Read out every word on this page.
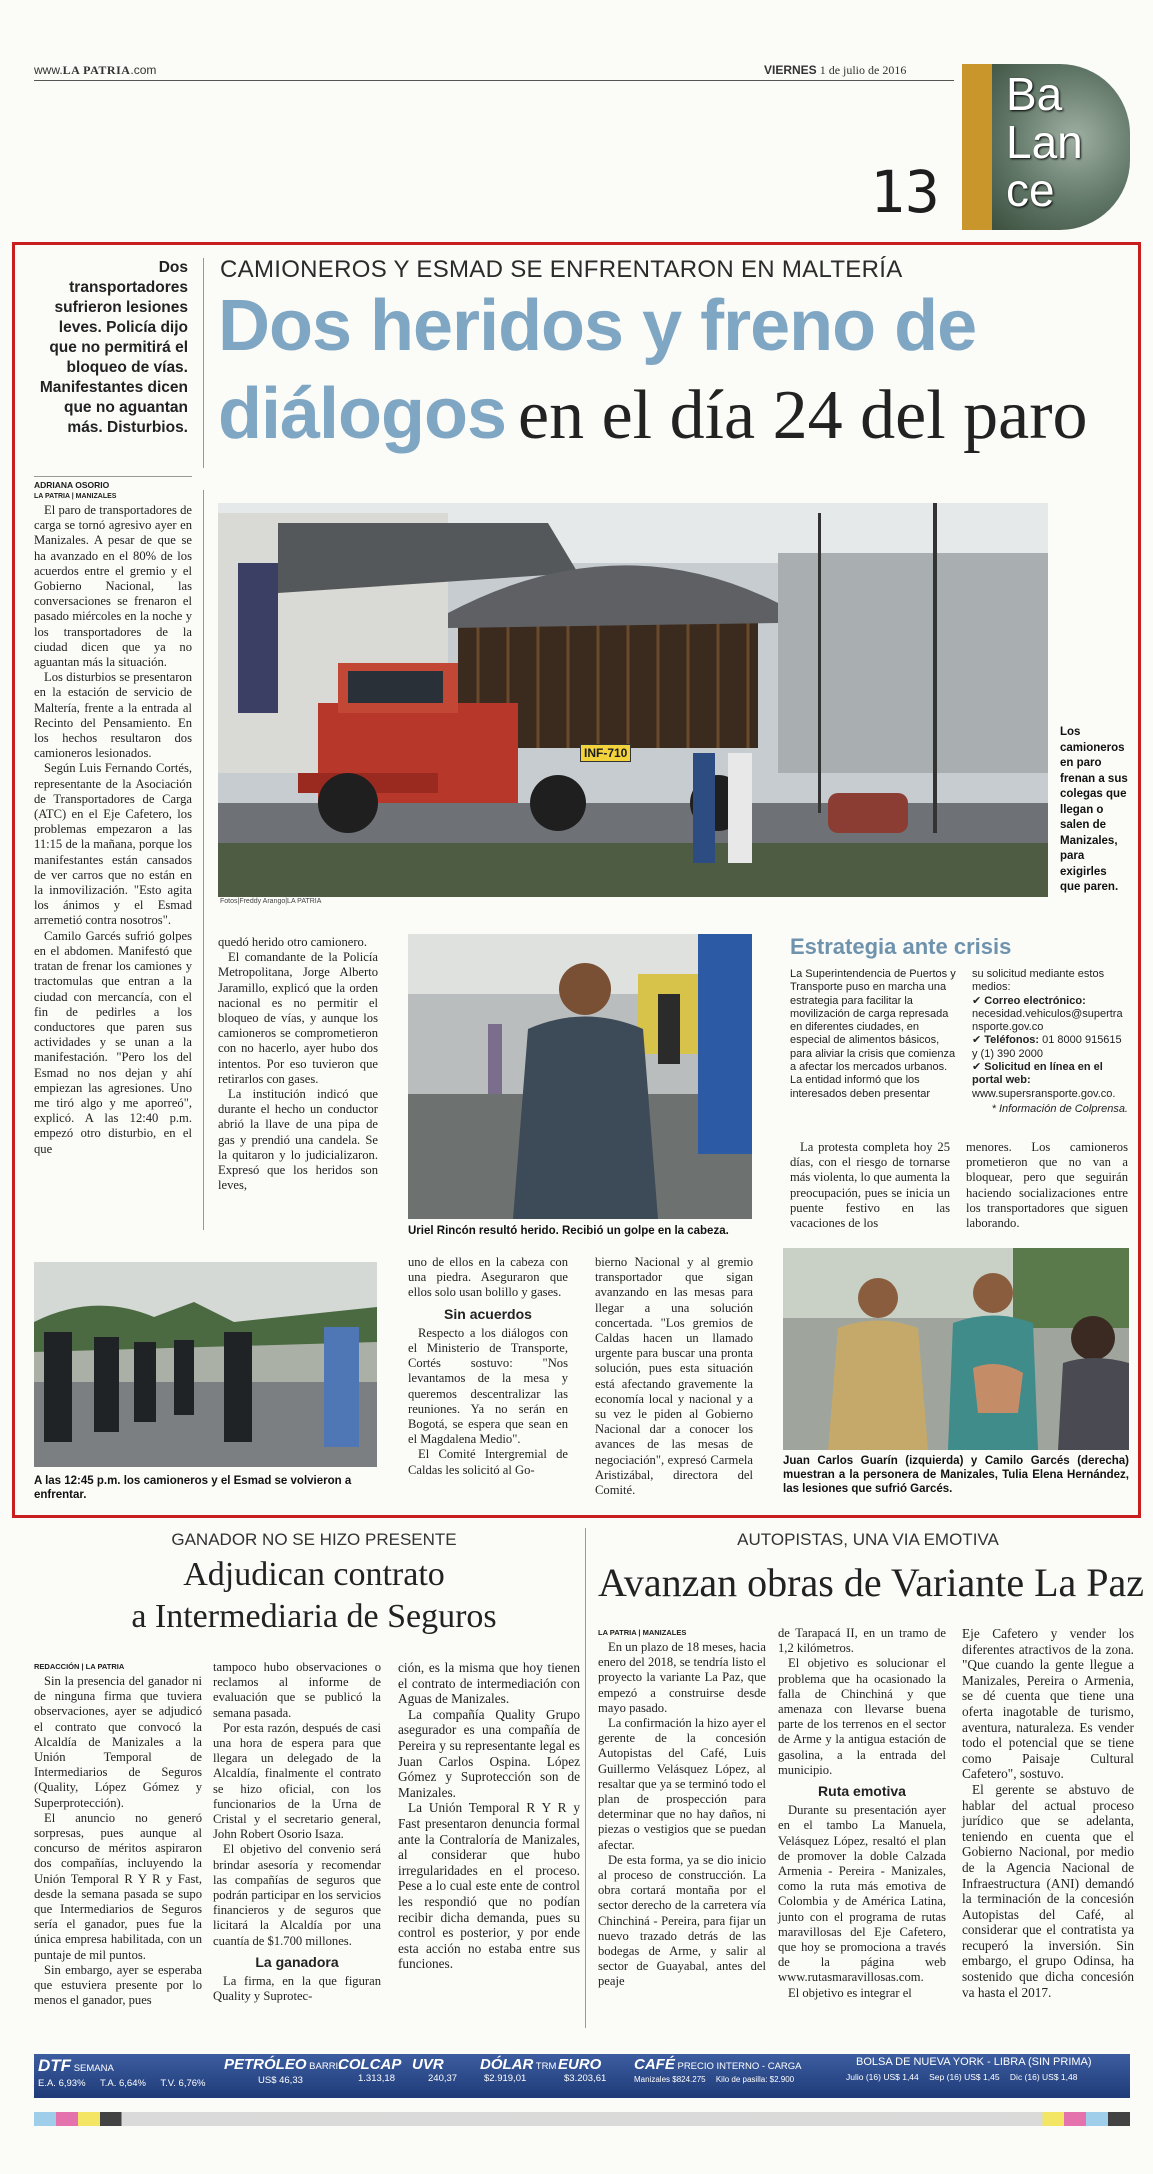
www.LA PATRIA.com	VIERNES 1 de julio de 2016
13
Ba
Lan
ce
Dos transportadores sufrieron lesiones leves. Policía dijo que no permitirá el bloqueo de vías. Manifestantes dicen que no aguantan más. Disturbios.
ADRIANA OSORIO
LA PATRIA | MANIZALES
CAMIONEROS Y ESMAD SE ENFRENTARON EN MALTERÍA
Dos heridos y freno de
diálogos en el día 24 del paro

El paro de transportadores de carga se tornó agresivo ayer en Manizales. A pesar de que se ha avanzado en el 80% de los acuerdos entre el gremio y el Gobierno Nacional, las conversaciones se frenaron el pasado miércoles en la noche y los transportadores de la ciudad dicen que ya no aguantan más la situación.

Los disturbios se presentaron en la estación de servicio de Maltería, frente a la entrada al Recinto del Pensamiento. En los hechos resultaron dos camioneros lesionados.

Según Luis Fernando Cortés, representante de la Asociación de Transportadores de Carga (ATC) en el Eje Cafetero, los problemas empezaron a las 11:15 de la mañana, porque los manifestantes están cansados de ver carros que no están en la inmovilización. "Esto agita los ánimos y el Esmad arremetió contra nosotros".

Camilo Garcés sufrió golpes en el abdomen. Manifestó que tratan de frenar los camiones y tractomulas que entran a la ciudad con mercancía, con el fin de pedirles a los conductores que paren sus actividades y se unan a la manifestación. "Pero los del Esmad no nos dejan y ahí empiezan las agresiones. Uno me tiró algo y me aporreó", explicó. A las 12:40 p.m. empezó otro disturbio, en el que

INF-710
Fotos|Freddy Arango|LA PATRIA
Los camioneros en paro frenan a sus colegas que llegan o salen de Manizales, para exigirles que paren.

quedó herido otro camionero.

El comandante de la Policía Metropolitana, Jorge Alberto Jaramillo, explicó que la orden nacional es no permitir el bloqueo de vías, y aunque los camioneros se comprometieron con no hacerlo, ayer hubo dos intentos. Por eso tuvieron que retirarlos con gases.

La institución indicó que durante el hecho un conductor abrió la llave de una pipa de gas y prendió una candela. Se la quitaron y lo judicializaron. Expresó que los heridos son leves,

Uriel Rincón resultó herido. Recibió un golpe en la cabeza.
Estrategia ante crisis
La Superintendencia de Puertos y Transporte puso en marcha una estrategia para facilitar la movilización de carga represada en diferentes ciudades, en especial de alimentos básicos, para aliviar la crisis que comienza a afectar los mercados urbanos. La entidad informó que los interesados deben presentar
su solicitud mediante estos medios:
✔ Correo electrónico:
necesidad.vehiculos@supertransporte.gov.co
✔ Teléfonos: 01 8000 915615 y (1) 390 2000
✔ Solicitud en línea en el portal web:
www.supersransporte.gov.co.
* Información de Colprensa.

La protesta completa hoy 25 días, con el riesgo de tornarse más violenta, lo que aumenta la preocupación, pues se inicia un puente festivo en las vacaciones de los

menores. Los camioneros prometieron que no van a bloquear, pero que seguirán haciendo socializaciones entre los transportadores que siguen laborando.

A las 12:45 p.m. los camioneros y el Esmad se volvieron a enfrentar.

uno de ellos en la cabeza con una piedra. Aseguraron que ellos solo usan bolillo y gases.

Sin acuerdos

Respecto a los diálogos con el Ministerio de Transporte, Cortés sostuvo: "Nos levantamos de la mesa y queremos descentralizar las reuniones. Ya no serán en Bogotá, se espera que sean en el Magdalena Medio".

El Comité Intergremial de Caldas les solicitó al Go-

bierno Nacional y al gremio transportador que sigan avanzando en las mesas para llegar a una solución concertada. "Los gremios de Caldas hacen un llamado urgente para buscar una pronta solución, pues esta situación está afectando gravemente la economía local y nacional y a su vez le piden al Gobierno Nacional dar a conocer los avances de las mesas de negociación", expresó Carmela Aristizábal, directora del Comité.

Juan Carlos Guarín (izquierda) y Camilo Garcés (derecha) muestran a la personera de Manizales, Tulia Elena Hernández, las lesiones que sufrió Garcés.
GANADOR NO SE HIZO PRESENTE
Adjudican contrato
a Intermediaria de Seguros
REDACCIÓN | LA PATRIA

Sin la presencia del ganador ni de ninguna firma que tuviera observaciones, ayer se adjudicó el contrato que convocó la Alcaldía de Manizales a la Unión Temporal de Intermediarios de Seguros (Quality, López Gómez y Superprotección).

El anuncio no generó sorpresas, pues aunque al concurso de méritos aspiraron dos compañías, incluyendo la Unión Temporal R Y R y Fast, desde la semana pasada se supo que Intermediarios de Seguros sería el ganador, pues fue la única empresa habilitada, con un puntaje de mil puntos.

Sin embargo, ayer se esperaba que estuviera presente por lo menos el ganador, pues

tampoco hubo observaciones o reclamos al informe de evaluación que se publicó la semana pasada.

Por esta razón, después de casi una hora de espera para que llegara un delegado de la Alcaldía, finalmente el contrato se hizo oficial, con los funcionarios de la Urna de Cristal y el secretario general, John Robert Osorio Isaza.

El objetivo del convenio será brindar asesoría y recomendar las compañías de seguros que podrán participar en los servicios financieros y de seguros que licitará la Alcaldía por una cuantía de $1.700 millones.

La ganadora

La firma, en la que figuran Quality y Suprotec-

ción, es la misma que hoy tienen el contrato de intermediación con Aguas de Manizales.

La compañía Quality Grupo asegurador es una compañía de Pereira y su representante legal es Juan Carlos Ospina. López Gómez y Suprotección son de Manizales.

La Unión Temporal R Y R y Fast presentaron denuncia formal ante la Contraloría de Manizales, al considerar que hubo irregularidades en el proceso. Pese a lo cual este ente de control les respondió que no podían recibir dicha demanda, pues su control es posterior, y por ende esta acción no estaba entre sus funciones.

AUTOPISTAS, UNA VIA EMOTIVA
Avanzan obras de Variante La Paz
LA PATRIA | MANIZALES

En un plazo de 18 meses, hacia enero del 2018, se tendría listo el proyecto la variante La Paz, que empezó a construirse desde mayo pasado.

La confirmación la hizo ayer el gerente de la concesión Autopistas del Café, Luis Guillermo Velásquez López, al resaltar que ya se terminó todo el plan de prospección para determinar que no hay daños, ni piezas o vestigios que se puedan afectar.

De esta forma, ya se dio inicio al proceso de construcción. La obra cortará montaña por el sector derecho de la carretera vía Chinchiná - Pereira, para fijar un nuevo trazado detrás de las bodegas de Arme, y salir al sector de Guayabal, antes del peaje

de Tarapacá II, en un tramo de 1,2 kilómetros.

El objetivo es solucionar el problema que ha ocasionado la falla de Chinchiná y que amenaza con llevarse buena parte de los terrenos en el sector de Arme y la antigua estación de gasolina, a la entrada del municipio.

Ruta emotiva

Durante su presentación ayer en el tambo La Manuela, Velásquez López, resaltó el plan de promover la doble Calzada Armenia - Pereira - Manizales, como la ruta más emotiva de Colombia y de América Latina, junto con el programa de rutas maravillosas del Eje Cafetero, que hoy se promociona a través de la página web www.rutasmaravillosas.com.

El objetivo es integrar el

Eje Cafetero y vender los diferentes atractivos de la zona. "Que cuando la gente llegue a Manizales, Pereira o Armenia, se dé cuenta que tiene una oferta inagotable de turismo, aventura, naturaleza. Es vender todo el potencial que se tiene como Paisaje Cultural Cafetero", sostuvo.

El gerente se abstuvo de hablar del actual proceso jurídico que se adelanta, teniendo en cuenta que el Gobierno Nacional, por medio de la Agencia Nacional de Infraestructura (ANI) demandó la terminación de la concesión Autopistas del Café, al considerar que el contratista ya recuperó la inversión. Sin embargo, el grupo Odinsa, ha sostenido que dicha concesión va hasta el 2017.

DTF SEMANA
E.A. 6,93% T.A. 6,64% T.V. 6,76%
PETRÓLEO BARRIL
US$ 46,33
COLCAP
1.313,18
UVR
240,37
DÓLAR TRM
$2.919,01
EURO
$3.203,61
CAFÉ PRECIO INTERNO - CARGA
Manizales $824.275 Kilo de pasilla: $2.900
BOLSA DE NUEVA YORK - LIBRA (SIN PRIMA)
Julio (16) US$ 1,44 Sep (16) US$ 1,45 Dic (16) US$ 1,48
